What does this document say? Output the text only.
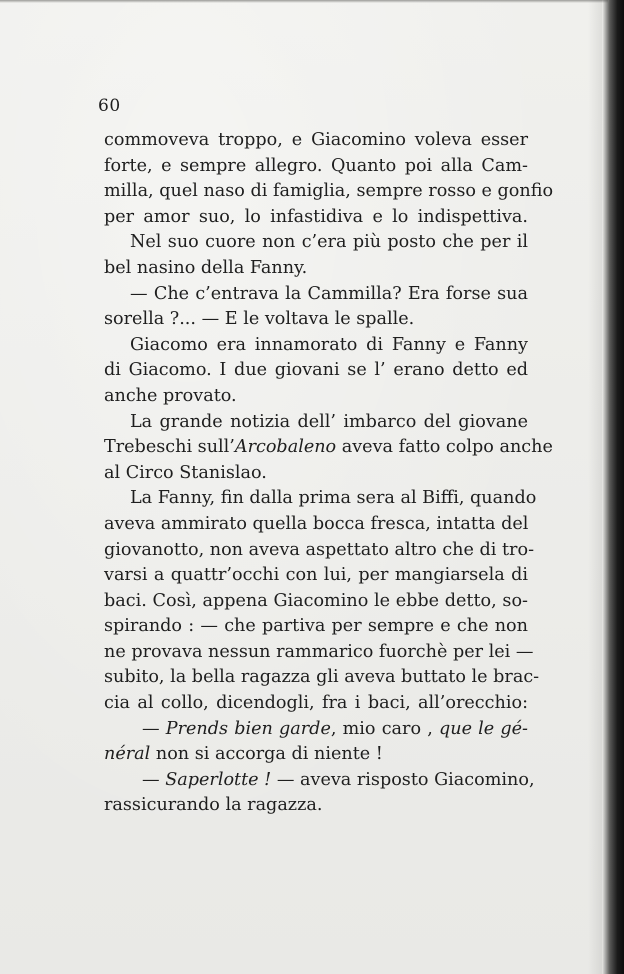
60
commoveva troppo, e Giacomino voleva esser
forte, e sempre allegro. Quanto poi alla Cam-
milla, quel naso di famiglia, sempre rosso e gonfio
per amor suo, lo infastidiva e lo indispettiva.
Nel suo cuore non c’era più posto che per il
bel nasino della Fanny.
— Che c’entrava la Cammilla? Era forse sua
sorella ?... — E le voltava le spalle.
Giacomo era innamorato di Fanny e Fanny
di Giacomo. I due giovani se l’ erano detto ed
anche provato.
La grande notizia dell’ imbarco del giovane
Trebeschi sull’Arcobaleno aveva fatto colpo anche
al Circo Stanislao.
La Fanny, fin dalla prima sera al Biffi, quando
aveva ammirato quella bocca fresca, intatta del
giovanotto, non aveva aspettato altro che di tro-
varsi a quattr’occhi con lui, per mangiarsela di
baci. Così, appena Giacomino le ebbe detto, so-
spirando : — che partiva per sempre e che non
ne provava nessun rammarico fuorchè per lei —
subito, la bella ragazza gli aveva buttato le brac-
cia al collo, dicendogli, fra i baci, all’orecchio:
— Prends bien garde, mio caro , que le gé-
néral non si accorga di niente !
— Saperlotte ! — aveva risposto Giacomino,
rassicurando la ragazza.
